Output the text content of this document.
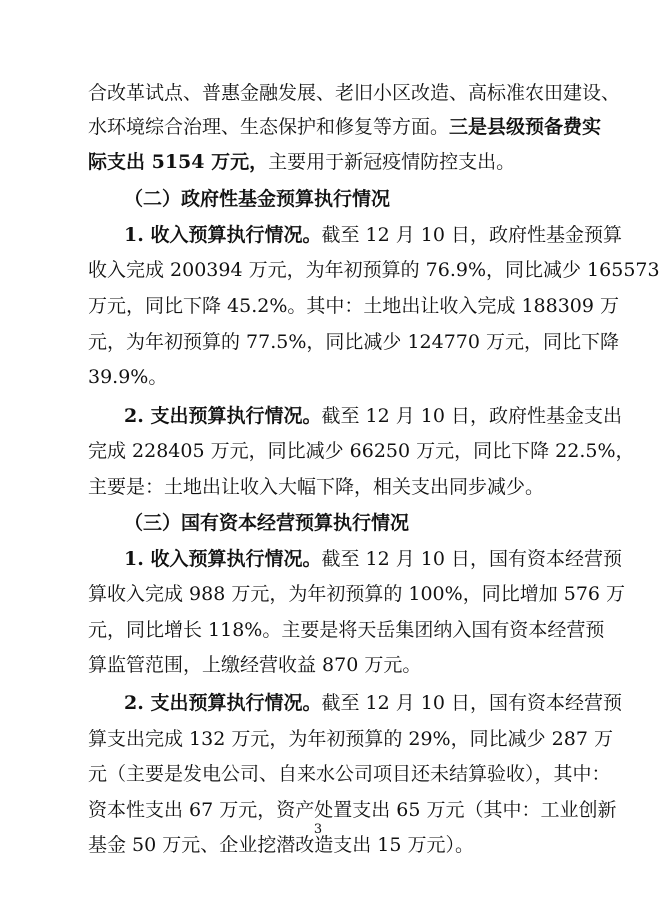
合改革试点、普惠金融发展、老旧小区改造、高标准农田建设、
水环境综合治理、生态保护和修复等方面。三是县级预备费实
际支出 5154 万元，主要用于新冠疫情防控支出。
（二）政府性基金预算执行情况
1. 收入预算执行情况。截至 12 月 10 日，政府性基金预算
收入完成 200394 万元，为年初预算的 76.9%，同比减少 165573
万元，同比下降 45.2%。其中：土地出让收入完成 188309 万
元，为年初预算的 77.5%，同比减少 124770 万元，同比下降
39.9%。
2. 支出预算执行情况。截至 12 月 10 日，政府性基金支出
完成 228405 万元，同比减少 66250 万元，同比下降 22.5%，
主要是：土地出让收入大幅下降，相关支出同步减少。
（三）国有资本经营预算执行情况
1. 收入预算执行情况。截至 12 月 10 日，国有资本经营预
算收入完成 988 万元，为年初预算的 100%，同比增加 576 万
元，同比增长 118%。主要是将天岳集团纳入国有资本经营预
算监管范围，上缴经营收益 870 万元。
2. 支出预算执行情况。截至 12 月 10 日，国有资本经营预
算支出完成 132 万元，为年初预算的 29%，同比减少 287 万
元（主要是发电公司、自来水公司项目还未结算验收），其中：
资本性支出 67 万元，资产处置支出 65 万元（其中：工业创新
基金 50 万元、企业挖潜改造支出 15 万元）。
3
